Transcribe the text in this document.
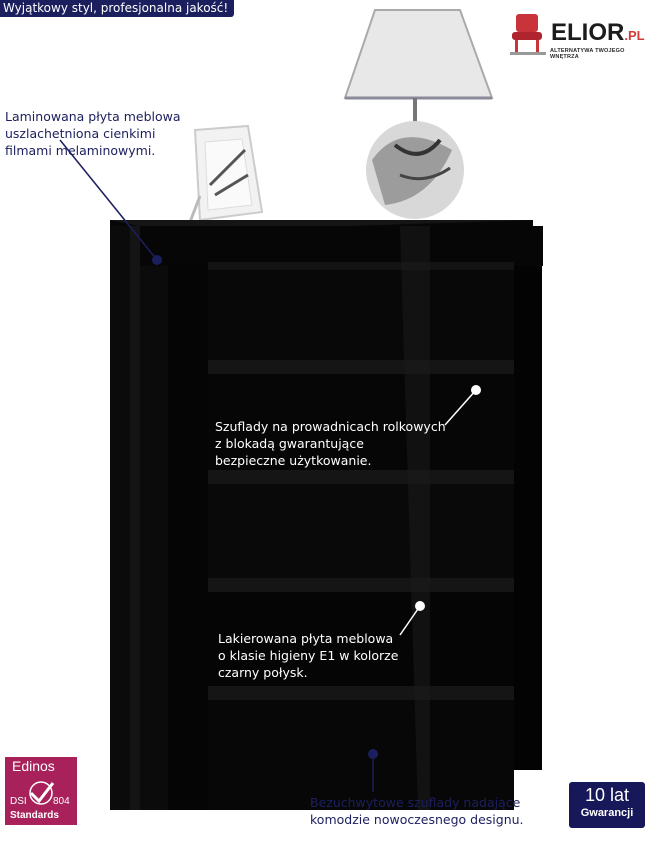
Wyjątkowy styl, profesjonalna jakość!
ELIOR.PL
ALTERNATYWA TWOJEGO WNĘTRZA
Laminowana płyta meblowa
uszlachetniona cienkimi
filmami melaminowymi.
Szuflady na prowadnicach rolkowych
z blokadą gwarantujące
bezpieczne użytkowanie.
Lakierowana płyta meblowa
o klasie higieny E1 w kolorze
czarny połysk.
Bezuchwytowe szuflady nadające
komodzie nowoczesnego designu.
Edinos
DSI	804
Standards
10 lat
Gwarancji
